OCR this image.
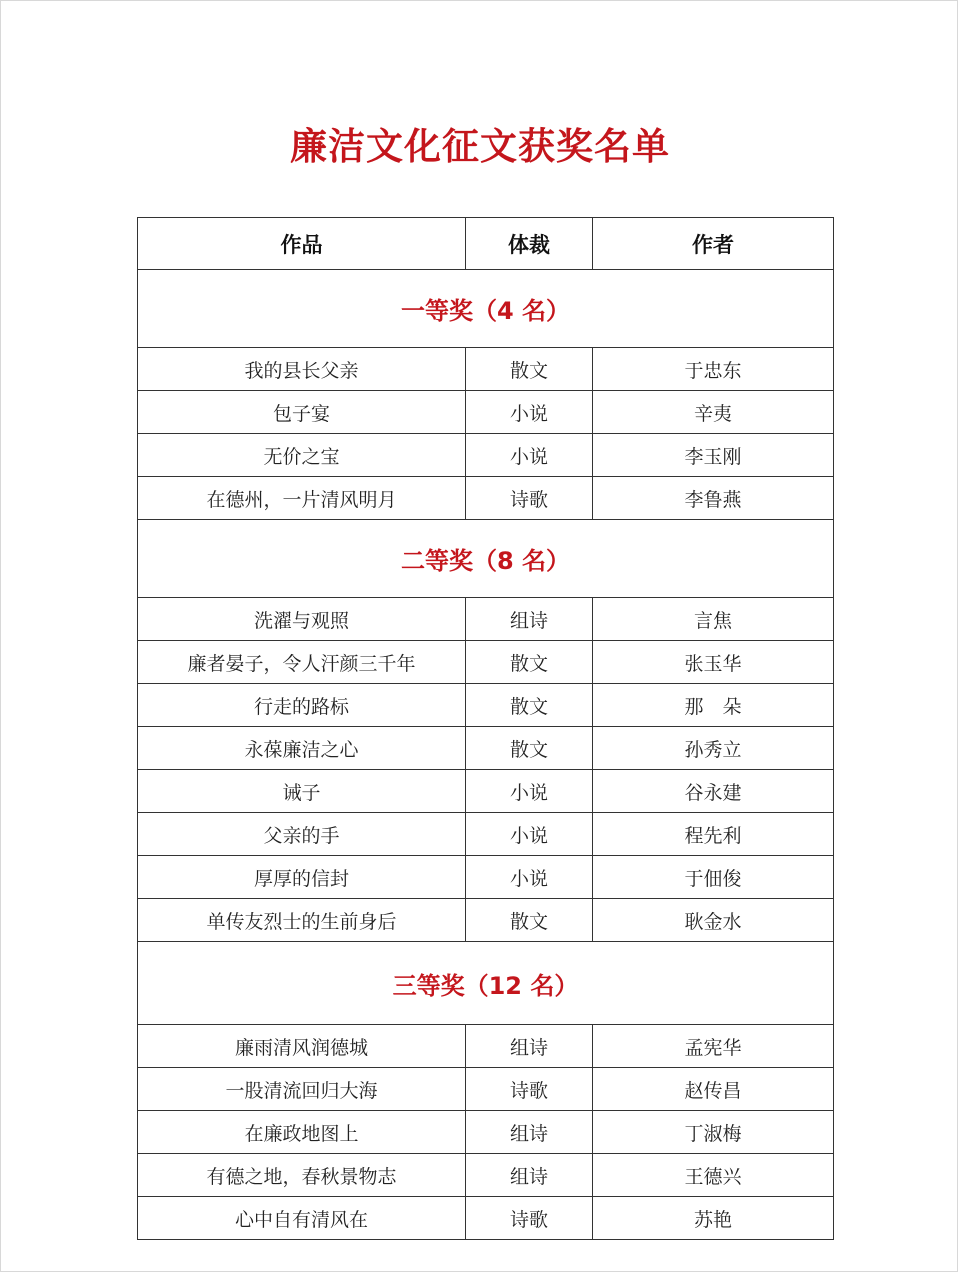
廉洁文化征文获奖名单
作品	体裁	作者
一等奖（4 名）		
我的县长父亲	散文	于忠东
包子宴	小说	辛夷
无价之宝	小说	李玉刚
在德州，一片清风明月	诗歌	李鲁燕
二等奖（8 名）		
洗濯与观照	组诗	言焦
廉者晏子，令人汗颜三千年	散文	张玉华
行走的路标	散文	那　朵
永葆廉洁之心	散文	孙秀立
诫子	小说	谷永建
父亲的手	小说	程先利
厚厚的信封	小说	于佃俊
单传友烈士的生前身后	散文	耿金水
三等奖（12 名）		
廉雨清风润德城	组诗	孟宪华
一股清流回归大海	诗歌	赵传昌
在廉政地图上	组诗	丁淑梅
有德之地，春秋景物志	组诗	王德兴
心中自有清风在	诗歌	苏艳
